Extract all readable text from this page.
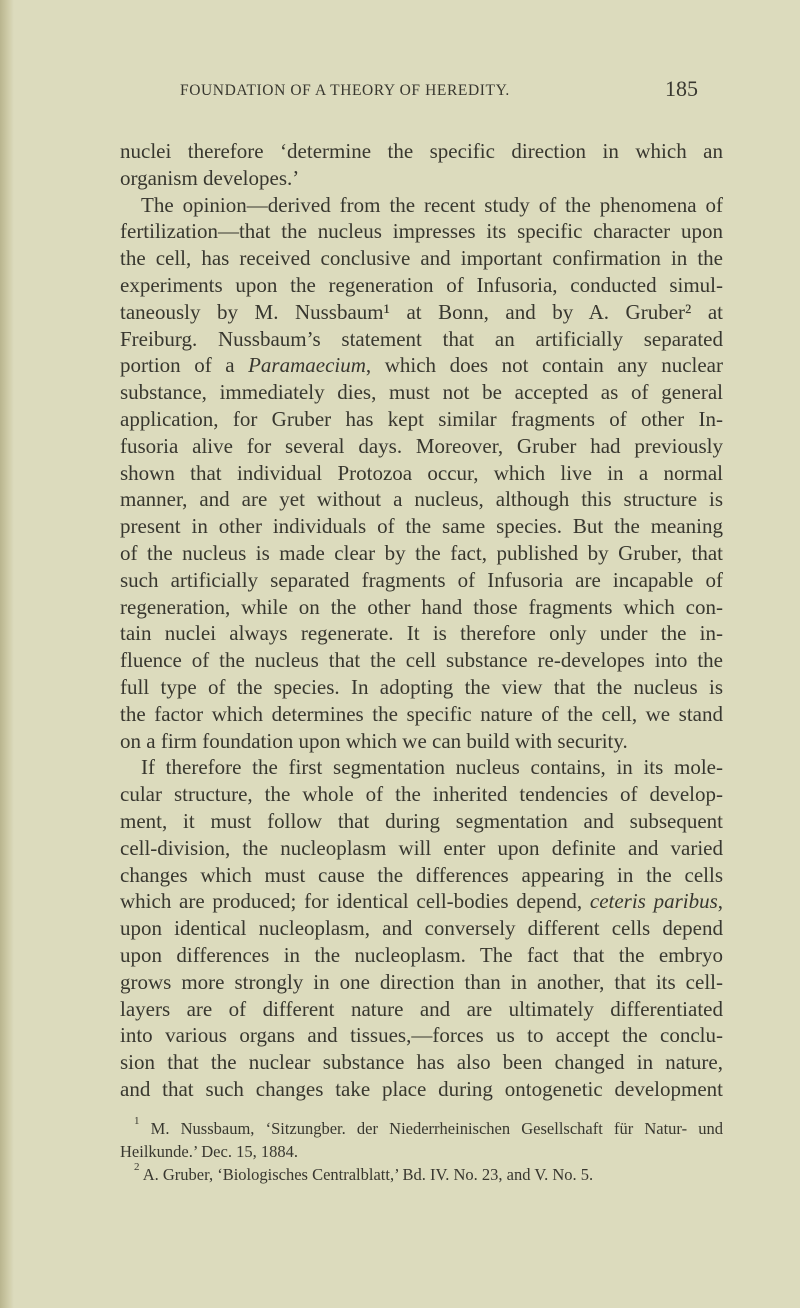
FOUNDATION OF A THEORY OF HEREDITY.	185
nuclei therefore ‘determine the specific direction in which an
organism developes.’
The opinion—derived from the recent study of the phenomena of
fertilization—that the nucleus impresses its specific character upon
the cell, has received conclusive and important confirmation in the
experiments upon the regeneration of Infusoria, conducted simul-
taneously by M. Nussbaum¹ at Bonn, and by A. Gruber² at
Freiburg. Nussbaum’s statement that an artificially separated
portion of a Paramaecium, which does not contain any nuclear
substance, immediately dies, must not be accepted as of general
application, for Gruber has kept similar fragments of other In-
fusoria alive for several days. Moreover, Gruber had previously
shown that individual Protozoa occur, which live in a normal
manner, and are yet without a nucleus, although this structure is
present in other individuals of the same species. But the meaning
of the nucleus is made clear by the fact, published by Gruber, that
such artificially separated fragments of Infusoria are incapable of
regeneration, while on the other hand those fragments which con-
tain nuclei always regenerate. It is therefore only under the in-
fluence of the nucleus that the cell substance re-developes into the
full type of the species. In adopting the view that the nucleus is
the factor which determines the specific nature of the cell, we stand
on a firm foundation upon which we can build with security.
If therefore the first segmentation nucleus contains, in its mole-
cular structure, the whole of the inherited tendencies of develop-
ment, it must follow that during segmentation and subsequent
cell-division, the nucleoplasm will enter upon definite and varied
changes which must cause the differences appearing in the cells
which are produced; for identical cell-bodies depend, ceteris paribus,
upon identical nucleoplasm, and conversely different cells depend
upon differences in the nucleoplasm. The fact that the embryo
grows more strongly in one direction than in another, that its cell-
layers are of different nature and are ultimately differentiated
into various organs and tissues,—forces us to accept the conclu-
sion that the nuclear substance has also been changed in nature,
and that such changes take place during ontogenetic development
$^1$ M. Nussbaum, ‘Sitzungber. der Niederrheinischen Gesellschaft für Natur- und Heilkunde.’ Dec. 15, 1884.
$^2$ A. Gruber, ‘Biologisches Centralblatt,’ Bd. IV. No. 23, and V. No. 5.
